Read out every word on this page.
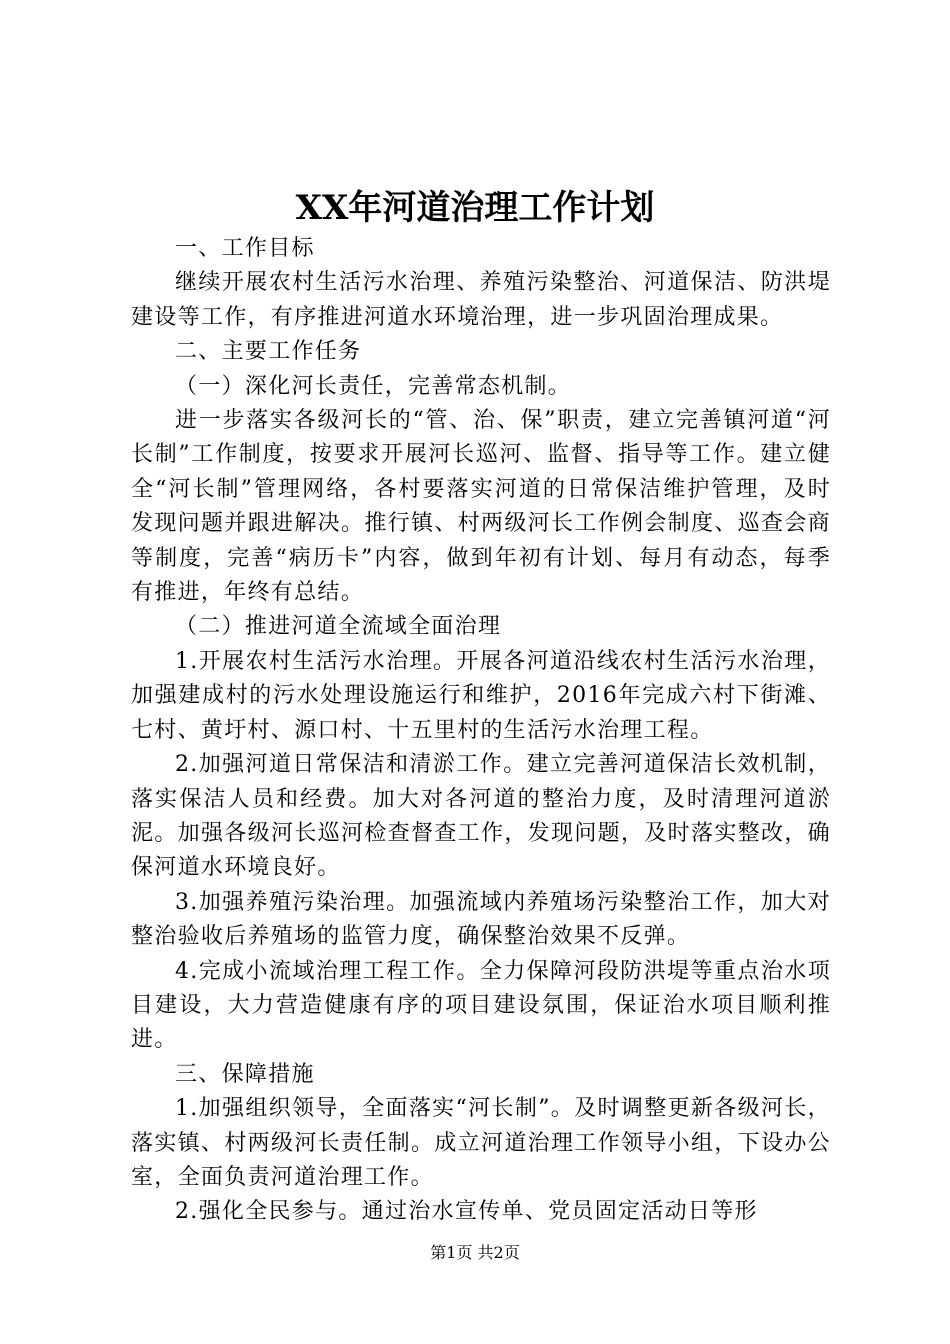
XX年河道治理工作计划

一、工作目标

继续开展农村生活污水治理、养殖污染整治、河道保洁、防洪堤建设等工作，有序推进河道水环境治理，进一步巩固治理成果。

二、主要工作任务

（一）深化河长责任，完善常态机制。

进一步落实各级河长的“管、治、保”职责，建立完善镇河道“河长制”工作制度，按要求开展河长巡河、监督、指导等工作。建立健全“河长制”管理网络，各村要落实河道的日常保洁维护管理，及时发现问题并跟进解决。推行镇、村两级河长工作例会制度、巡查会商等制度，完善“病历卡”内容，做到年初有计划、每月有动态，每季有推进，年终有总结。

（二）推进河道全流域全面治理

1.开展农村生活污水治理。开展各河道沿线农村生活污水治理，加强建成村的污水处理设施运行和维护，2016年完成六村下街滩、七村、黄圩村、源口村、十五里村的生活污水治理工程。

2.加强河道日常保洁和清淤工作。建立完善河道保洁长效机制，落实保洁人员和经费。加大对各河道的整治力度，及时清理河道淤泥。加强各级河长巡河检查督查工作，发现问题，及时落实整改，确保河道水环境良好。

3.加强养殖污染治理。加强流域内养殖场污染整治工作，加大对整治验收后养殖场的监管力度，确保整治效果不反弹。

4.完成小流域治理工程工作。全力保障河段防洪堤等重点治水项目建设，大力营造健康有序的项目建设氛围，保证治水项目顺利推进。

三、保障措施

1.加强组织领导，全面落实“河长制”。及时调整更新各级河长，落实镇、村两级河长责任制。成立河道治理工作领导小组，下设办公室，全面负责河道治理工作。

2.强化全民参与。通过治水宣传单、党员固定活动日等形

第1页 共2页
